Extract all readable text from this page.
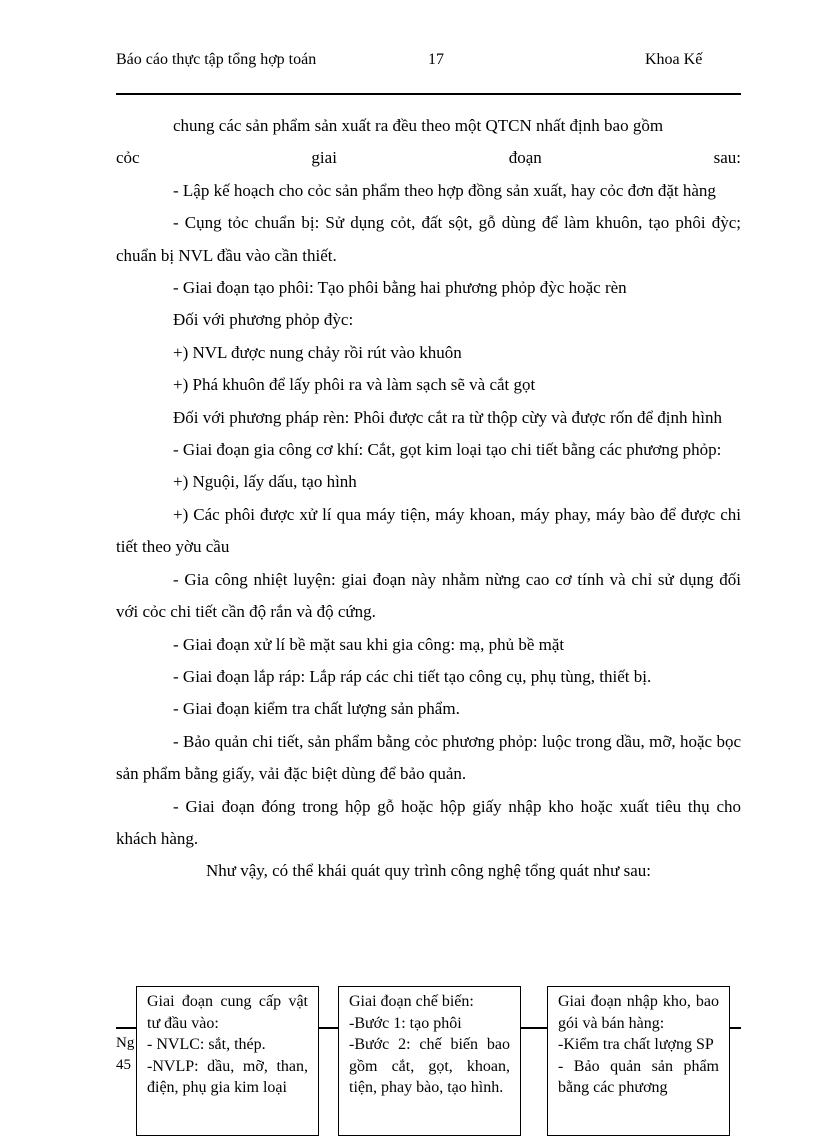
Báo cáo thực tập tổng hợp toán	17	Khoa Kế

chung các sản phẩm sản xuất ra đều theo một QTCN nhất định bao gồm

cỏc giai đoạn sau:

- Lập kế hoạch cho cỏc sản phẩm theo hợp đồng sản xuất, hay cỏc đơn đặt hàng

- Cụng tỏc chuẩn bị: Sử dụng cỏt, đất sột, gỗ dùng để làm khuôn, tạo phôi đỳc; chuẩn bị NVL đầu vào cần thiết.

- Giai đoạn tạo phôi: Tạo phôi bằng hai phương phỏp đỳc hoặc rèn

Đối với phương phỏp đỳc:

+) NVL được nung chảy rồi rút vào khuôn

+) Phá khuôn để lấy phôi ra và làm sạch sẽ và cắt gọt

Đối với phương pháp rèn: Phôi được cắt ra từ thộp cừy và được rốn để định hình

- Giai đoạn gia công cơ khí: Cắt, gọt kim loại tạo chi tiết bằng các phương phỏp:

+) Nguội, lấy dấu, tạo hình

+) Các phôi được xử lí qua máy tiện, máy khoan, máy phay, máy bào để được chi tiết theo yờu cầu

- Gia công nhiệt luyện: giai đoạn này nhằm nừng cao cơ tính và chỉ sử dụng đối với cỏc chi tiết cần độ rắn và độ cứng.

- Giai đoạn xử lí bề mặt sau khi gia công: mạ, phủ bề mặt

- Giai đoạn lắp ráp: Lắp ráp các chi tiết tạo công cụ, phụ tùng, thiết bị.

- Giai đoạn kiểm tra chất lượng sản phẩm.

- Bảo quản chi tiết, sản phẩm bằng cỏc phương phỏp: luộc trong dầu, mỡ, hoặc bọc sản phẩm bằng giấy, vải đặc biệt dùng để bảo quản.

- Giai đoạn đóng trong hộp gỗ hoặc hộp giấy nhập kho hoặc xuất tiêu thụ cho khách hàng.

Như vậy, có thể khái quát quy trình công nghệ tổng quát như sau:

Ng
45

Giai đoạn cung cấp vật tư đầu vào:

- NVLC: sắt, thép.

-NVLP: dầu, mỡ, than, điện, phụ gia kim loại

Giai đoạn chế biến:

-Bước 1: tạo phôi

-Bước 2: chế biến bao gồm cắt, gọt, khoan, tiện, phay bào, tạo hình.

Giai đoạn nhập kho, bao gói và bán hàng:

-Kiểm tra chất lượng SP

- Bảo quản sản phẩm bằng các phương
